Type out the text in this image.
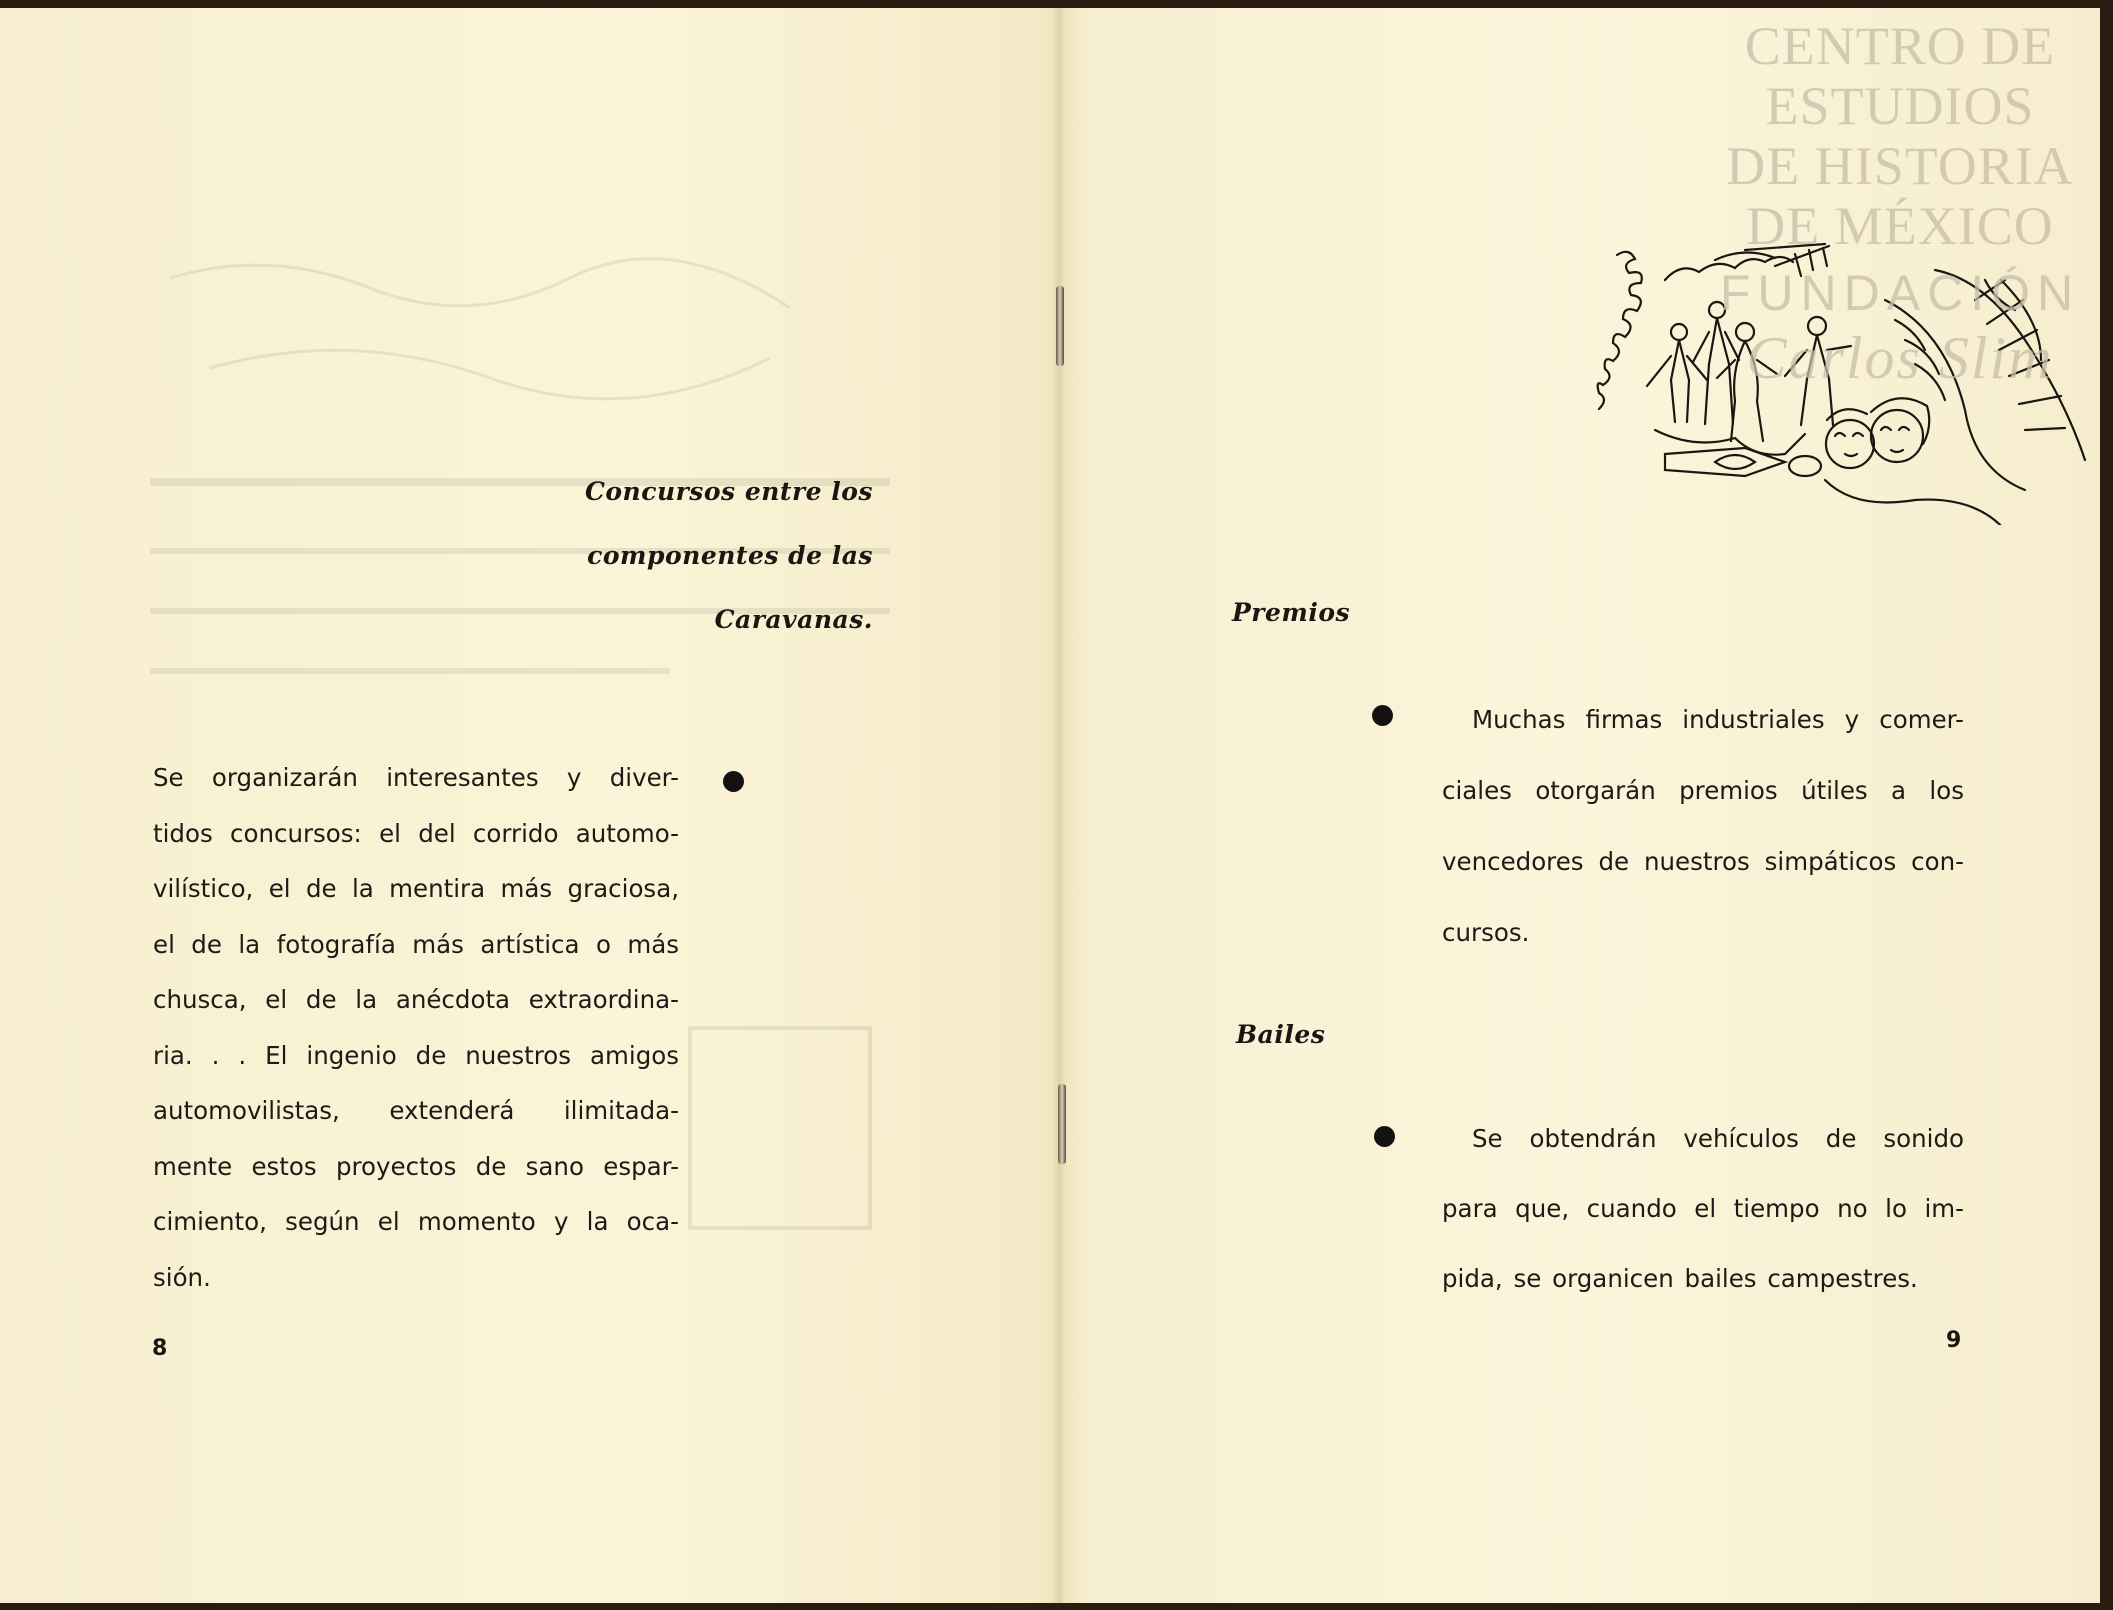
Concursos entre los
componentes de las
Caravanas.
Se organizarán interesantes y diver-
tidos concursos: el del corrido automo-
vilístico, el de la mentira más graciosa,
el de la fotografía más artística o más
chusca, el de la anécdota extraordina-
ria. . . El ingenio de nuestros amigos
automovilistas, extenderá ilimitada-
mente estos proyectos de sano espar-
cimiento, según el momento y la oca-
sión.
8
Premios
Muchas firmas industriales y comer-
ciales otorgarán premios útiles a los
vencedores de nuestros simpáticos con-
cursos.
Bailes
Se obtendrán vehículos de sonido
para que, cuando el tiempo no lo im-
pida, se organicen bailes campestres.
9
CENTRO DE
ESTUDIOS
DE HISTORIA
DE MÉXICO
FUNDACIÓN
Carlos Slim
